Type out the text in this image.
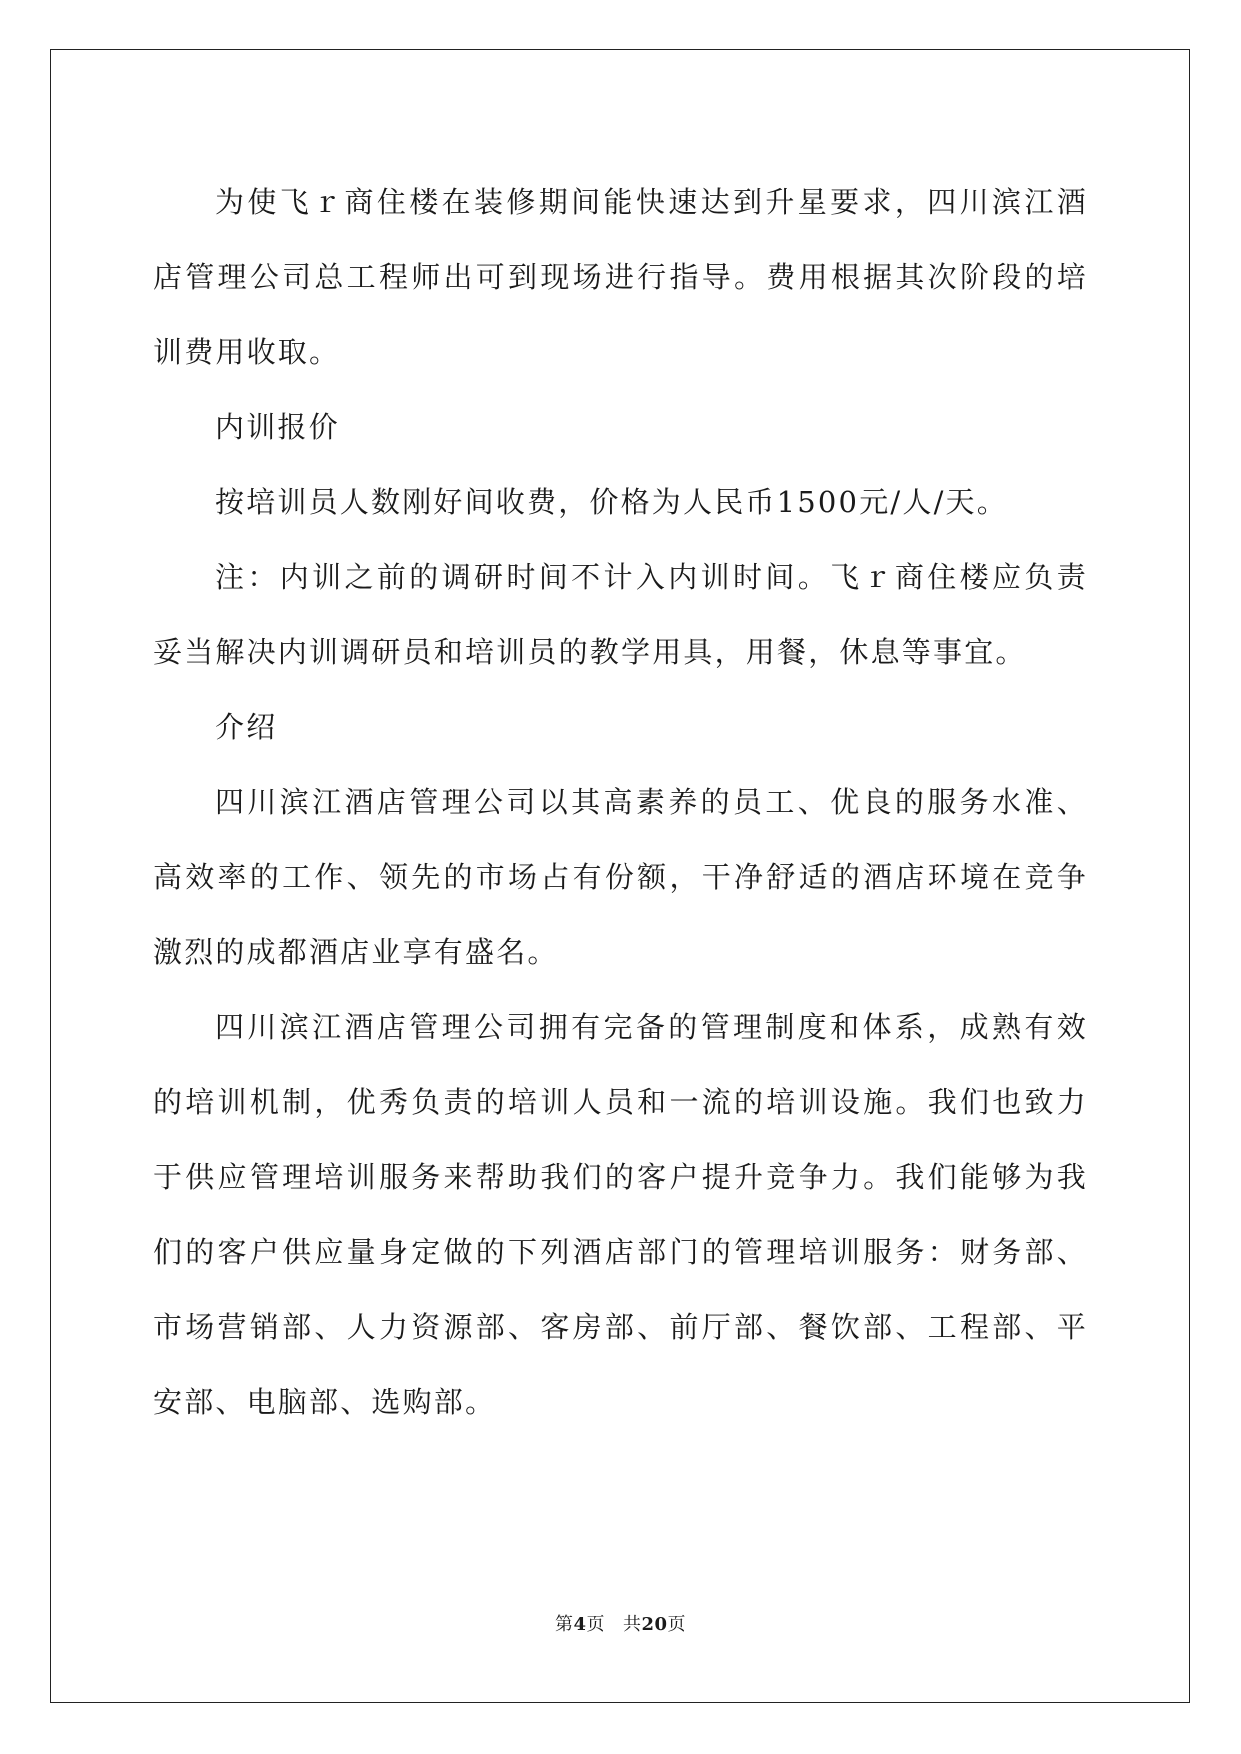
为使飞ｒ商住楼在装修期间能快速达到升星要求，四川滨江酒店管理公司总工程师出可到现场进行指导。费用根据其次阶段的培训费用收取。

内训报价

按培训员人数刚好间收费，价格为人民币1500元/人/天。

注：内训之前的调研时间不计入内训时间。飞ｒ商住楼应负责妥当解决内训调研员和培训员的教学用具，用餐，休息等事宜。

介绍

四川滨江酒店管理公司以其高素养的员工、优良的服务水准、高效率的工作、领先的市场占有份额，干净舒适的酒店环境在竞争激烈的成都酒店业享有盛名。

四川滨江酒店管理公司拥有完备的管理制度和体系，成熟有效的培训机制，优秀负责的培训人员和一流的培训设施。我们也致力于供应管理培训服务来帮助我们的客户提升竞争力。我们能够为我们的客户供应量身定做的下列酒店部门的管理培训服务：财务部、市场营销部、人力资源部、客房部、前厅部、餐饮部、工程部、平安部、电脑部、选购部。

第4页 共20页
